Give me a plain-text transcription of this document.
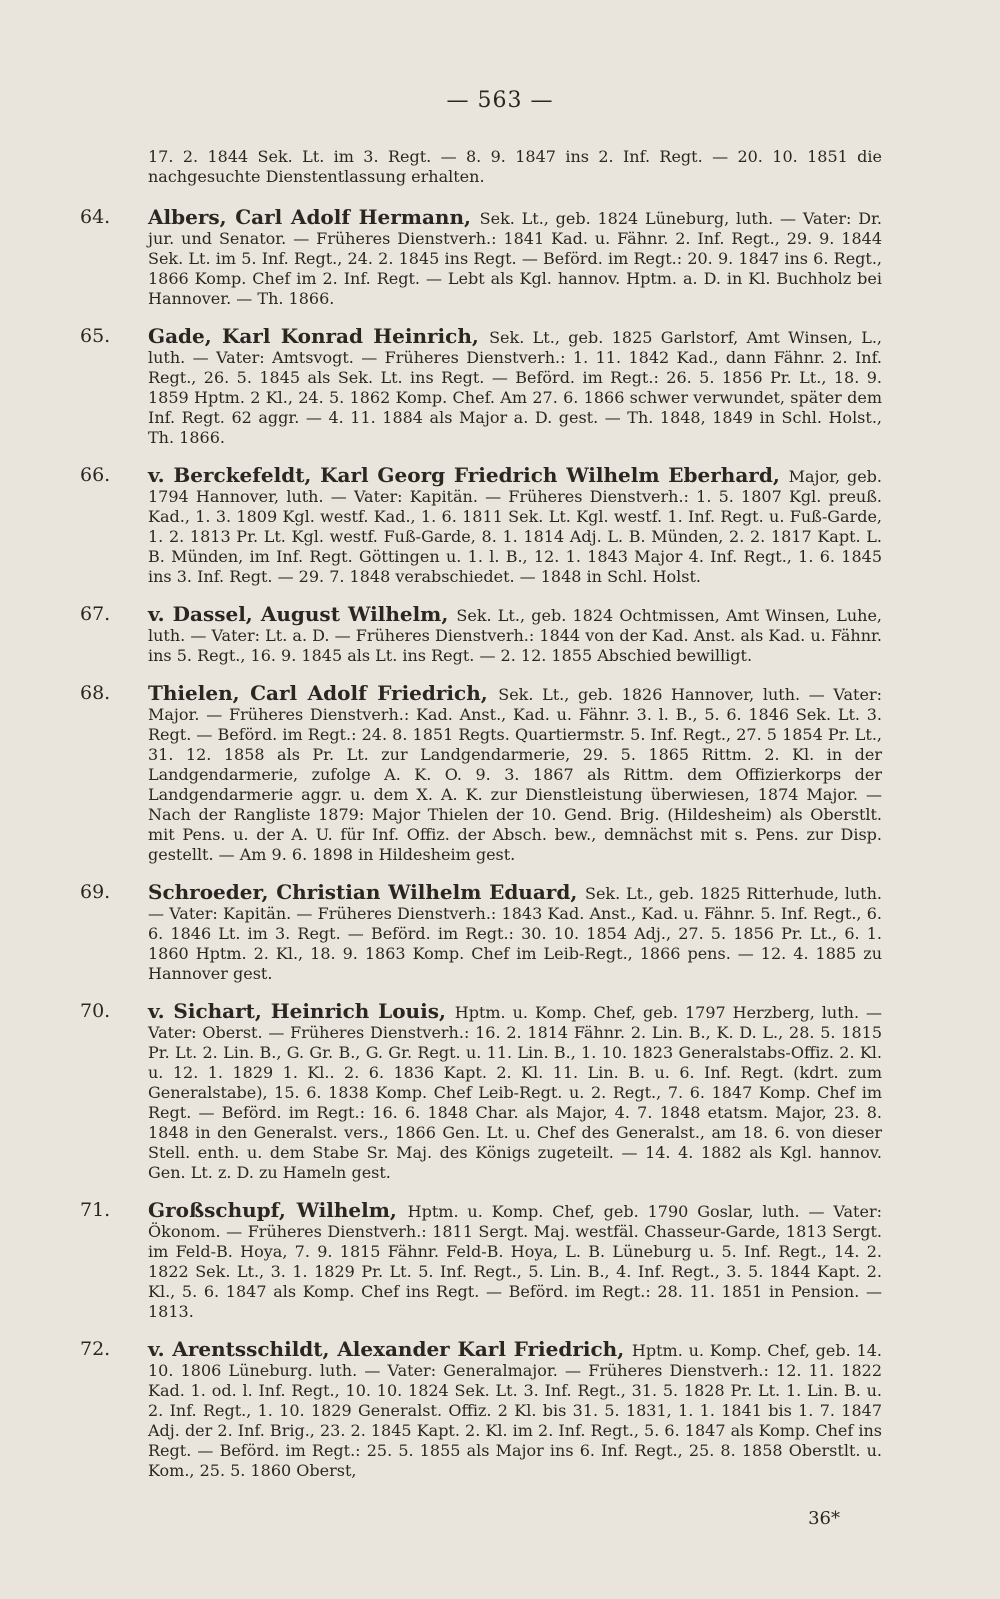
— 563 —
17. 2. 1844 Sek. Lt. im 3. Regt. — 8. 9. 1847 ins 2. Inf. Regt. — 20. 10. 1851 die nachgesuchte Dienstentlassung erhalten.
64.	Albers, Carl Adolf Hermann, Sek. Lt., geb. 1824 Lüneburg, luth. — Vater: Dr. jur. und Senator. — Früheres Dienstverh.: 1841 Kad. u. Fähnr. 2. Inf. Regt., 29. 9. 1844 Sek. Lt. im 5. Inf. Regt., 24. 2. 1845 ins Regt. — Beförd. im Regt.: 20. 9. 1847 ins 6. Regt., 1866 Komp. Chef im 2. Inf. Regt. — Lebt als Kgl. hannov. Hptm. a. D. in Kl. Buchholz bei Hannover. — Th. 1866.
65.	Gade, Karl Konrad Heinrich, Sek. Lt., geb. 1825 Garlstorf, Amt Winsen, L., luth. — Vater: Amtsvogt. — Früheres Dienstverh.: 1. 11. 1842 Kad., dann Fähnr. 2. Inf. Regt., 26. 5. 1845 als Sek. Lt. ins Regt. — Beförd. im Regt.: 26. 5. 1856 Pr. Lt., 18. 9. 1859 Hptm. 2 Kl., 24. 5. 1862 Komp. Chef. Am 27. 6. 1866 schwer verwundet, später dem Inf. Regt. 62 aggr. — 4. 11. 1884 als Major a. D. gest. — Th. 1848, 1849 in Schl. Holst., Th. 1866.
66.	v. Berckefeldt, Karl Georg Friedrich Wilhelm Eberhard, Major, geb. 1794 Hannover, luth. — Vater: Kapitän. — Früheres Dienstverh.: 1. 5. 1807 Kgl. preuß. Kad., 1. 3. 1809 Kgl. westf. Kad., 1. 6. 1811 Sek. Lt. Kgl. westf. 1. Inf. Regt. u. Fuß-Garde, 1. 2. 1813 Pr. Lt. Kgl. westf. Fuß-Garde, 8. 1. 1814 Adj. L. B. Münden, 2. 2. 1817 Kapt. L. B. Münden, im Inf. Regt. Göttingen u. 1. l. B., 12. 1. 1843 Major 4. Inf. Regt., 1. 6. 1845 ins 3. Inf. Regt. — 29. 7. 1848 verabschiedet. — 1848 in Schl. Holst.
67.	v. Dassel, August Wilhelm, Sek. Lt., geb. 1824 Ochtmissen, Amt Winsen, Luhe, luth. — Vater: Lt. a. D. — Früheres Dienstverh.: 1844 von der Kad. Anst. als Kad. u. Fähnr. ins 5. Regt., 16. 9. 1845 als Lt. ins Regt. — 2. 12. 1855 Abschied bewilligt.
68.	Thielen, Carl Adolf Friedrich, Sek. Lt., geb. 1826 Hannover, luth. — Vater: Major. — Früheres Dienstverh.: Kad. Anst., Kad. u. Fähnr. 3. l. B., 5. 6. 1846 Sek. Lt. 3. Regt. — Beförd. im Regt.: 24. 8. 1851 Regts. Quartiermstr. 5. Inf. Regt., 27. 5 1854 Pr. Lt., 31. 12. 1858 als Pr. Lt. zur Landgendarmerie, 29. 5. 1865 Rittm. 2. Kl. in der Landgendarmerie, zufolge A. K. O. 9. 3. 1867 als Rittm. dem Offizierkorps der Landgendarmerie aggr. u. dem X. A. K. zur Dienstleistung überwiesen, 1874 Major. — Nach der Rangliste 1879: Major Thielen der 10. Gend. Brig. (Hildesheim) als Oberstlt. mit Pens. u. der A. U. für Inf. Offiz. der Absch. bew., demnächst mit s. Pens. zur Disp. gestellt. — Am 9. 6. 1898 in Hildesheim gest.
69.	Schroeder, Christian Wilhelm Eduard, Sek. Lt., geb. 1825 Ritterhude, luth. — Vater: Kapitän. — Früheres Dienstverh.: 1843 Kad. Anst., Kad. u. Fähnr. 5. Inf. Regt., 6. 6. 1846 Lt. im 3. Regt. — Beförd. im Regt.: 30. 10. 1854 Adj., 27. 5. 1856 Pr. Lt., 6. 1. 1860 Hptm. 2. Kl., 18. 9. 1863 Komp. Chef im Leib-Regt., 1866 pens. — 12. 4. 1885 zu Hannover gest.
70.	v. Sichart, Heinrich Louis, Hptm. u. Komp. Chef, geb. 1797 Herzberg, luth. — Vater: Oberst. — Früheres Dienstverh.: 16. 2. 1814 Fähnr. 2. Lin. B., K. D. L., 28. 5. 1815 Pr. Lt. 2. Lin. B., G. Gr. B., G. Gr. Regt. u. 11. Lin. B., 1. 10. 1823 Generalstabs-Offiz. 2. Kl. u. 12. 1. 1829 1. Kl.. 2. 6. 1836 Kapt. 2. Kl. 11. Lin. B. u. 6. Inf. Regt. (kdrt. zum Generalstabe), 15. 6. 1838 Komp. Chef Leib-Regt. u. 2. Regt., 7. 6. 1847 Komp. Chef im Regt. — Beförd. im Regt.: 16. 6. 1848 Char. als Major, 4. 7. 1848 etatsm. Major, 23. 8. 1848 in den Generalst. vers., 1866 Gen. Lt. u. Chef des Generalst., am 18. 6. von dieser Stell. enth. u. dem Stabe Sr. Maj. des Königs zugeteilt. — 14. 4. 1882 als Kgl. hannov. Gen. Lt. z. D. zu Hameln gest.
71.	Großschupf, Wilhelm, Hptm. u. Komp. Chef, geb. 1790 Goslar, luth. — Vater: Ökonom. — Früheres Dienstverh.: 1811 Sergt. Maj. westfäl. Chasseur-Garde, 1813 Sergt. im Feld-B. Hoya, 7. 9. 1815 Fähnr. Feld-B. Hoya, L. B. Lüneburg u. 5. Inf. Regt., 14. 2. 1822 Sek. Lt., 3. 1. 1829 Pr. Lt. 5. Inf. Regt., 5. Lin. B., 4. Inf. Regt., 3. 5. 1844 Kapt. 2. Kl., 5. 6. 1847 als Komp. Chef ins Regt. — Beförd. im Regt.: 28. 11. 1851 in Pension. — 1813.
72.	v. Arentsschildt, Alexander Karl Friedrich, Hptm. u. Komp. Chef, geb. 14. 10. 1806 Lüneburg. luth. — Vater: Generalmajor. — Früheres Dienstverh.: 12. 11. 1822 Kad. 1. od. l. Inf. Regt., 10. 10. 1824 Sek. Lt. 3. Inf. Regt., 31. 5. 1828 Pr. Lt. 1. Lin. B. u. 2. Inf. Regt., 1. 10. 1829 Generalst. Offiz. 2 Kl. bis 31. 5. 1831, 1. 1. 1841 bis 1. 7. 1847 Adj. der 2. Inf. Brig., 23. 2. 1845 Kapt. 2. Kl. im 2. Inf. Regt., 5. 6. 1847 als Komp. Chef ins Regt. — Beförd. im Regt.: 25. 5. 1855 als Major ins 6. Inf. Regt., 25. 8. 1858 Oberstlt. u. Kom., 25. 5. 1860 Oberst,
36*
